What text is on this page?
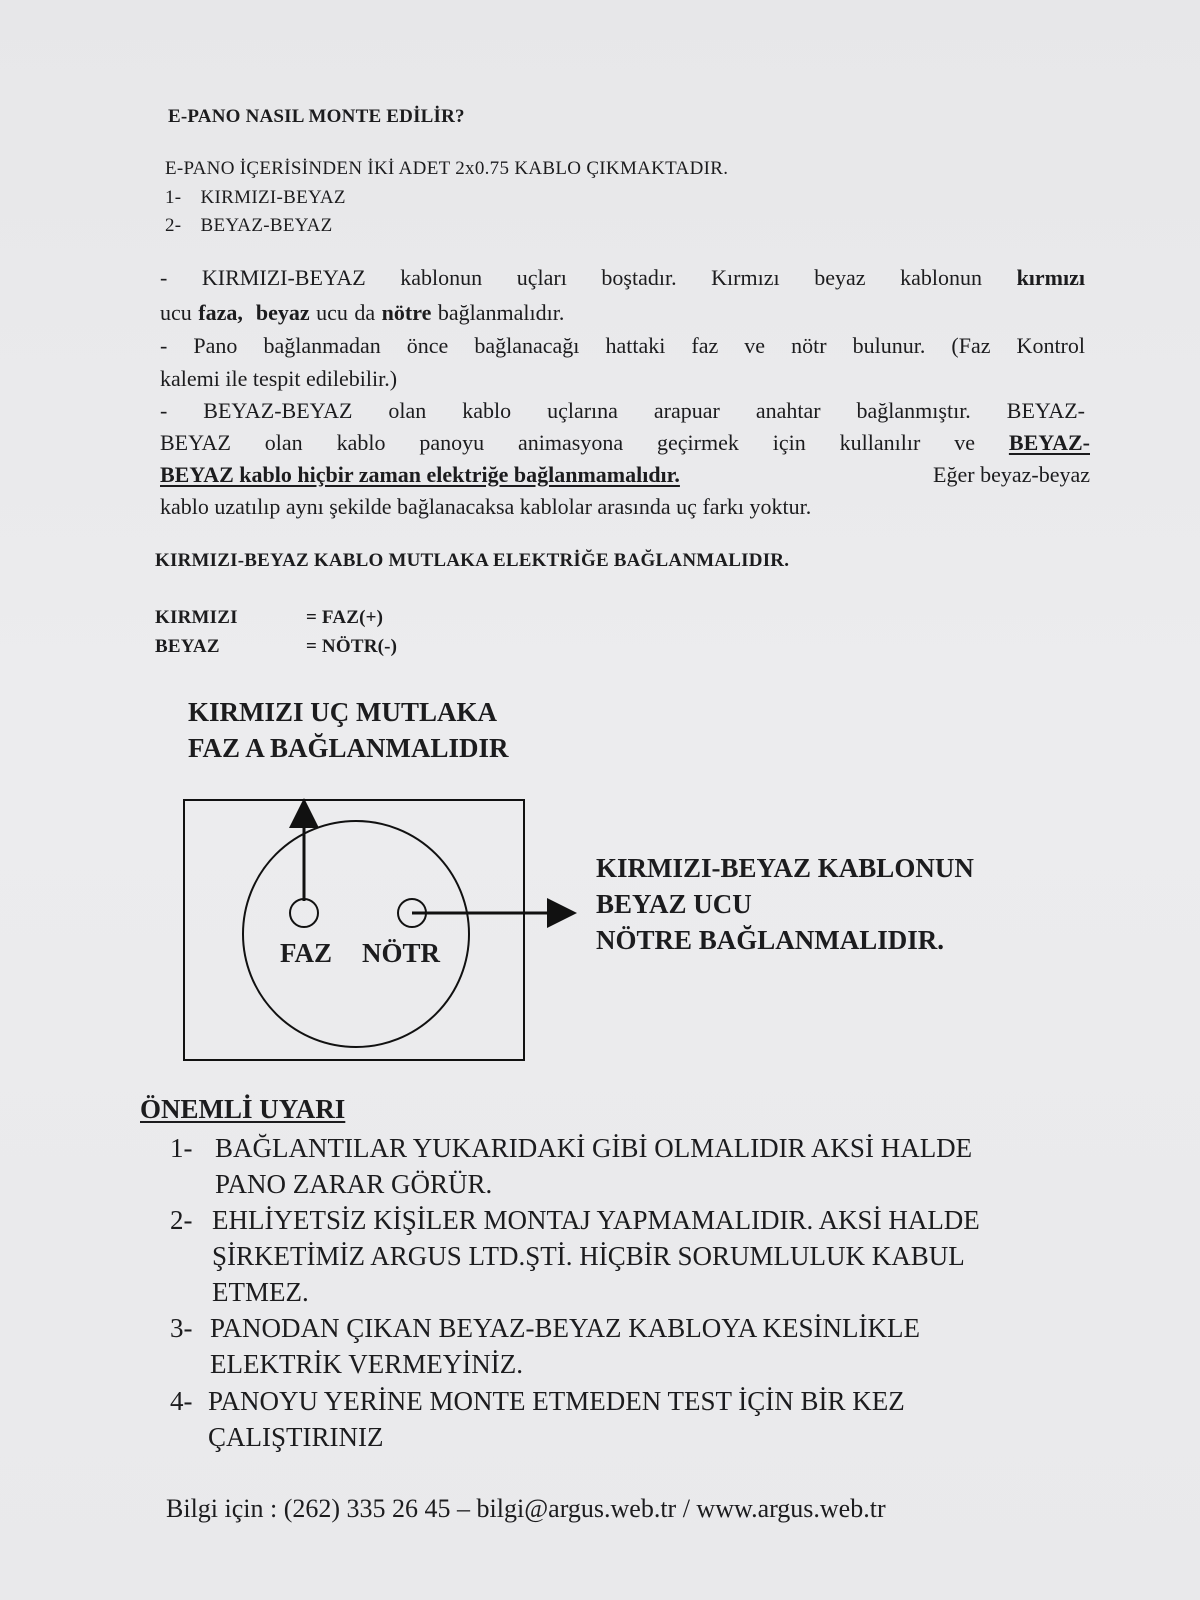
E-PANO NASIL MONTE EDİLİR?
E-PANO İÇERİSİNDEN İKİ ADET 2x0.75 KABLO ÇIKMAKTADIR.
1- KIRMIZI-BEYAZ
2- BEYAZ-BEYAZ
- KIRMIZI-BEYAZ kablonun uçları boştadır. Kırmızı beyaz kablonun kırmızı
ucu faza, beyaz ucu da nötre bağlanmalıdır.
- Pano bağlanmadan önce bağlanacağı hattaki faz ve nötr bulunur. (Faz Kontrol
kalemi ile tespit edilebilir.)
- BEYAZ-BEYAZ olan kablo uçlarına arapuar anahtar bağlanmıştır. BEYAZ-
BEYAZ olan kablo panoyu animasyona geçirmek için kullanılır ve BEYAZ-
BEYAZ kablo hiçbir zaman elektriğe bağlanmamalıdır.	Eğer beyaz-beyaz
kablo uzatılıp aynı şekilde bağlanacaksa kablolar arasında uç farkı yoktur.
KIRMIZI-BEYAZ KABLO MUTLAKA ELEKTRİĞE BAĞLANMALIDIR.
KIRMIZI	= FAZ(+)
BEYAZ	= NÖTR(-)
KIRMIZI UÇ MUTLAKA
FAZ A BAĞLANMALIDIR
FAZ NÖTR
KIRMIZI-BEYAZ KABLONUN
BEYAZ UCU
NÖTRE BAĞLANMALIDIR.
ÖNEMLİ UYARI
1- BAĞLANTILAR YUKARIDAKİ GİBİ OLMALIDIR AKSİ HALDE
PANO ZARAR GÖRÜR.
2- EHLİYETSİZ KİŞİLER MONTAJ YAPMAMALIDIR. AKSİ HALDE
ŞİRKETİMİZ ARGUS LTD.ŞTİ. HİÇBİR SORUMLULUK KABUL
ETMEZ.
3- PANODAN ÇIKAN BEYAZ-BEYAZ KABLOYA KESİNLİKLE
ELEKTRİK VERMEYİNİZ.
4- PANOYU YERİNE MONTE ETMEDEN TEST İÇİN BİR KEZ
ÇALIŞTIRINIZ
Bilgi için : (262) 335 26 45 – bilgi@argus.web.tr / www.argus.web.tr
